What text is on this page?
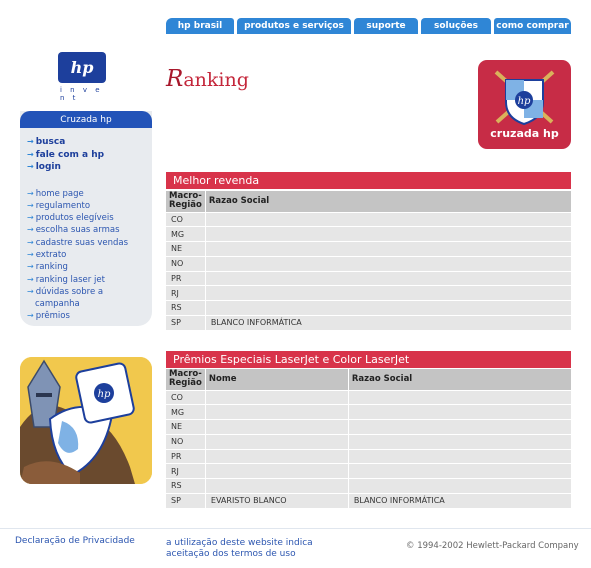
hp brasil	produtos e serviços	suporte	soluções	como comprar
hp
i n v e n t
Ranking
hp
cruzada hp
Cruzada hp
→ busca
→ fale com a hp
→ login
→ home page
→ regulamento
→ produtos elegíveis
→ escolha suas armas
→ cadastre suas vendas
→ extrato
→ ranking
→ ranking laser jet
→ dúvidas sobre a
campanha
→ prêmios
hp
Melhor revenda
Macro-
Região	Razao Social
CO	
MG	
NE	
NO	
PR	
RJ	
RS	
SP	BLANCO INFORMÁTICA
Prêmios Especiais LaserJet e Color LaserJet
Macro-
Região	Nome	Razao Social
CO		
MG		
NE		
NO		
PR		
RJ		
RS		
SP	EVARISTO BLANCO	BLANCO INFORMÁTICA
Declaração de Privacidade	a utilização deste website indica
aceitação dos termos de uso
© 1994-2002 Hewlett-Packard Company
